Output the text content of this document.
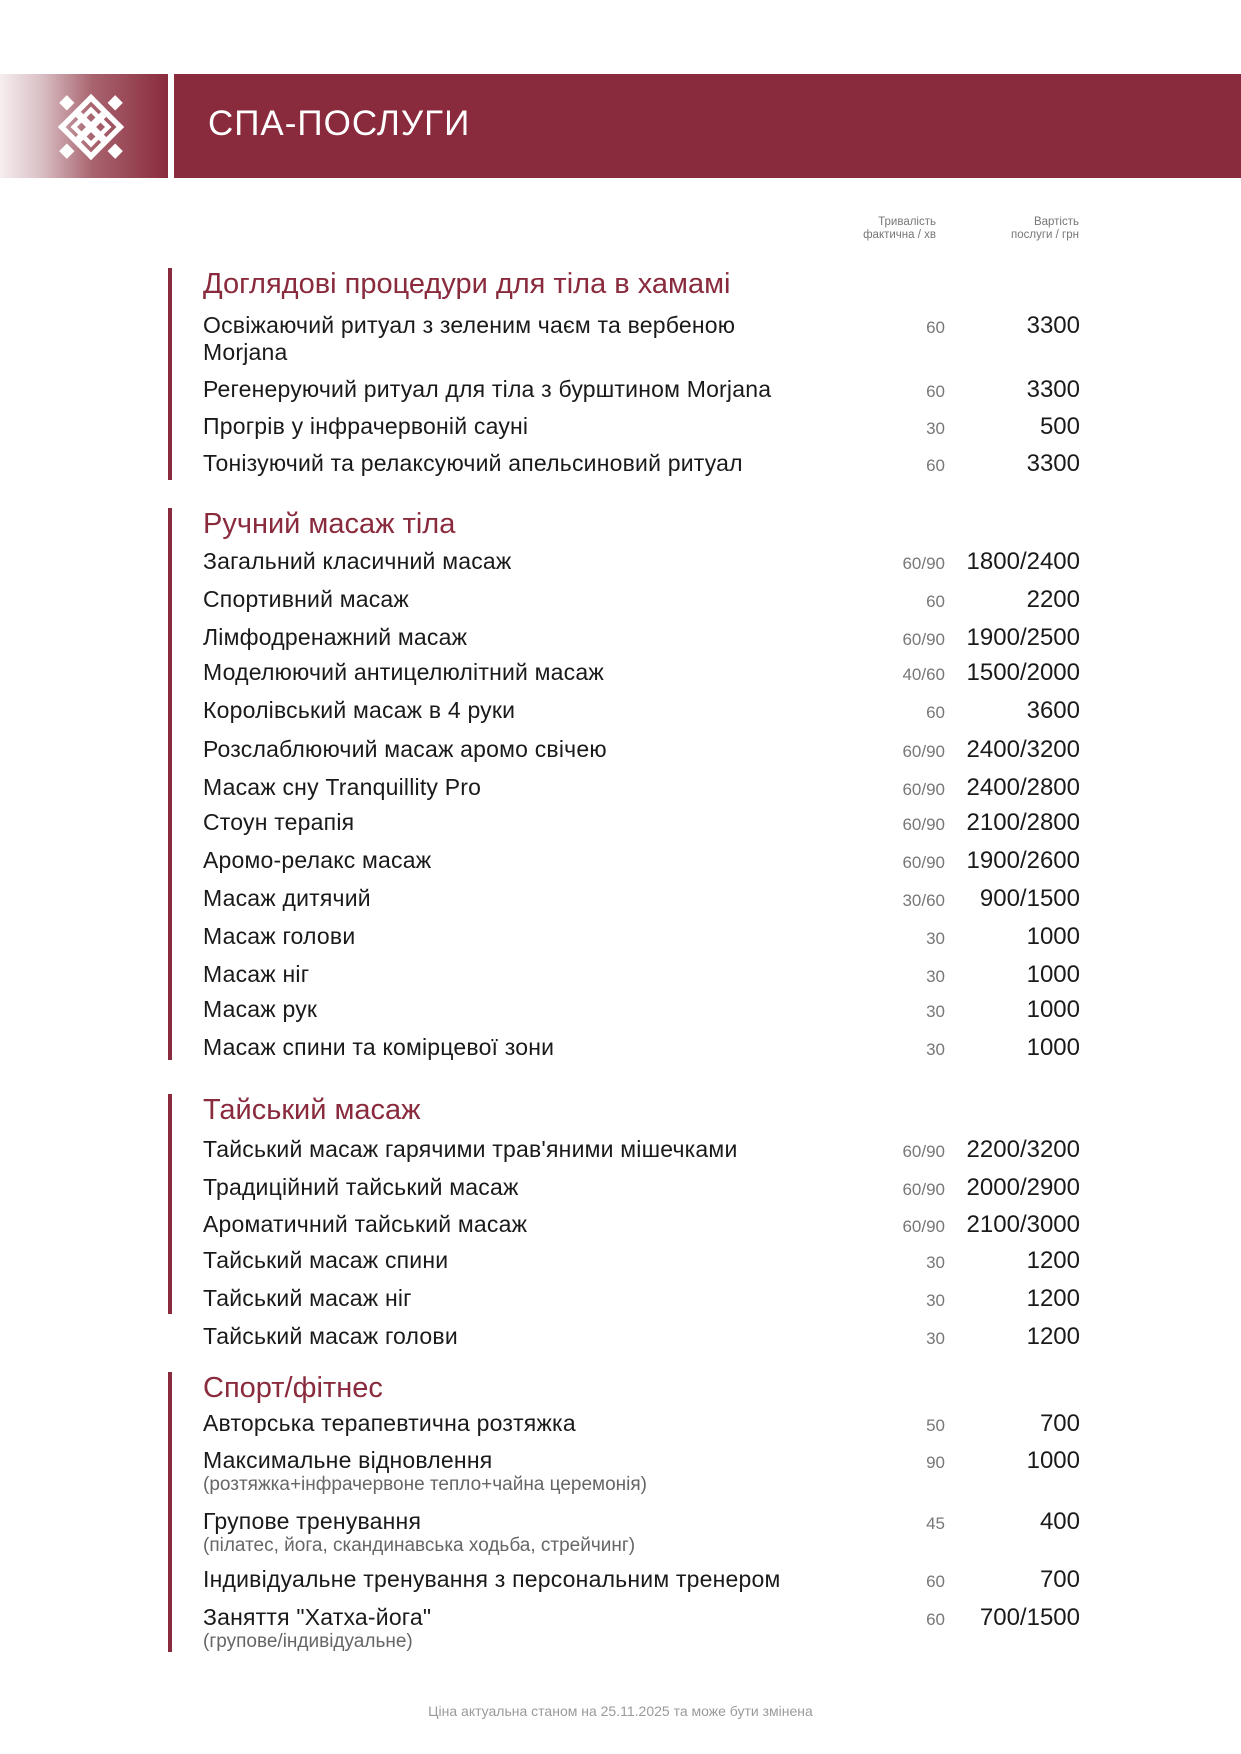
СПА-ПОСЛУГИ
Тривалість
фактична / хв
Вартість
послуги / грн
Доглядові процедури для тіла в хамамі
Освіжаючий ритуал з зеленим чаєм та вербеною
Morjana
60	3300
Регенеруючий ритуал для тіла з бурштином Morjana	60	3300
Прогрів у інфрачервоній сауні	30	500
Тонізуючий та релаксуючий апельсиновий ритуал	60	3300
Ручний масаж тіла
Загальний класичний масаж	60/90 1800/2400
Спортивний масаж	60	2200
Лімфодренажний масаж	60/90 1900/2500
Моделюючий антицелюлітний масаж	40/60 1500/2000
Королівський масаж в 4 руки	60	3600
Розслаблюючий масаж аромо свічею	60/90 2400/3200
Масаж сну Tranquillity Pro	60/90 2400/2800
Стоун терапія	60/90 2100/2800
Аромо-релакс масаж	60/90 1900/2600
Масаж дитячий	30/60 900/1500
Масаж голови	30	1000
Масаж ніг	30	1000
Масаж рук	30	1000
Масаж спини та комірцевої зони	30	1000
Тайський масаж
Тайський масаж гарячими трав'яними мішечками	60/90 2200/3200
Традиційний тайський масаж	60/90 2000/2900
Ароматичний тайський масаж	60/90 2100/3000
Тайський масаж спини	30	1200
Тайський масаж ніг	30	1200
Тайський масаж голови	30	1200
Спорт/фітнес
Авторська терапевтична розтяжка	50	700
Максимальне відновлення
(розтяжка+інфрачервоне тепло+чайна церемонія)
90	1000
Групове тренування
(пілатес, йога, скандинавська ходьба, стрейчинг)
45	400
Індивідуальне тренування з персональним тренером	60	700
Заняття "Хатха-йога"
(групове/індивідуальне)
60 700/1500
Ціна актуальна станом на 25.11.2025 та може бути змінена
